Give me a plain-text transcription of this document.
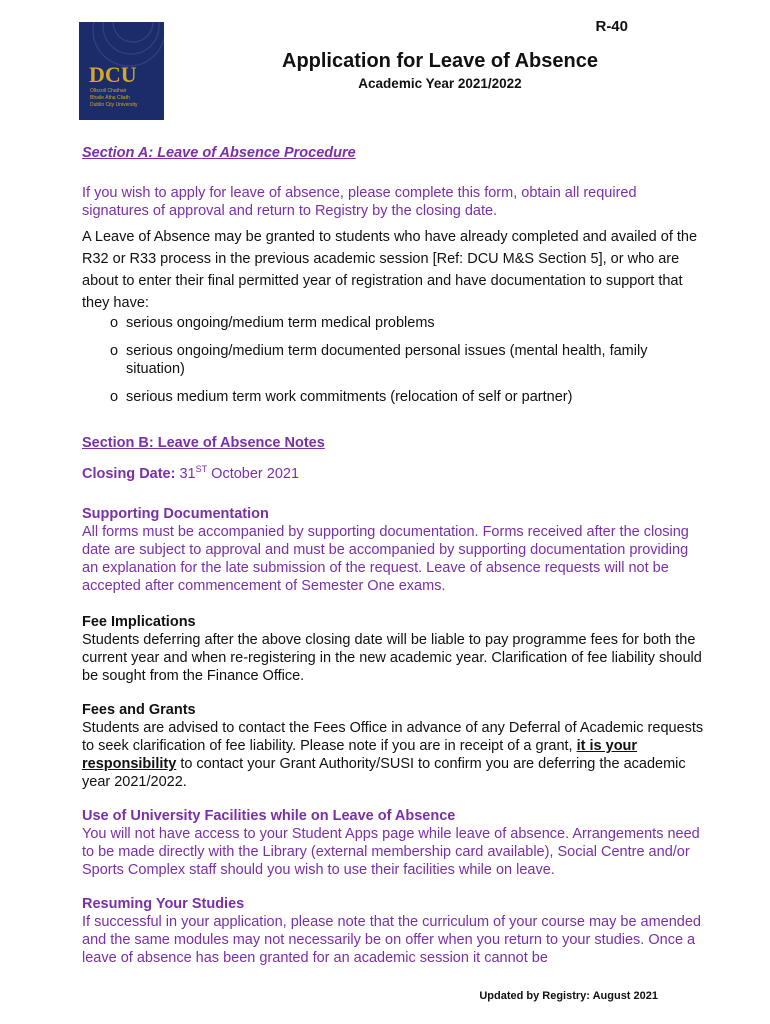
R-40
DCU
Ollscoil Chathair
Bhaile Átha Cliath
Dublin City University
Application for Leave of Absence
Academic Year 2021/2022

Section A: Leave of Absence Procedure

If you wish to apply for leave of absence, please complete this form, obtain all required signatures of approval and return to Registry by the closing date.

A Leave of Absence may be granted to students who have already completed and availed of the R32 or R33 process in the previous academic session [Ref: DCU M&S Section 5], or who are about to enter their final permitted year of registration and have documentation to support that they have:

o serious ongoing/medium term medical problems
o serious ongoing/medium term documented personal issues (mental health, family situation)
o serious medium term work commitments (relocation of self or partner)

Section B: Leave of Absence Notes

Closing Date: 31ST October 2021

Supporting Documentation

All forms must be accompanied by supporting documentation. Forms received after the closing date are subject to approval and must be accompanied by supporting documentation providing an explanation for the late submission of the request. Leave of absence requests will not be accepted after commencement of Semester One exams.

Fee Implications

Students deferring after the above closing date will be liable to pay programme fees for both the current year and when re-registering in the new academic year. Clarification of fee liability should be sought from the Finance Office.

Fees and Grants

Students are advised to contact the Fees Office in advance of any Deferral of Academic requests to seek clarification of fee liability. Please note if you are in receipt of a grant, it is your responsibility to contact your Grant Authority/SUSI to confirm you are deferring the academic year 2021/2022.

Use of University Facilities while on Leave of Absence

You will not have access to your Student Apps page while leave of absence. Arrangements need to be made directly with the Library (external membership card available), Social Centre and/or Sports Complex staff should you wish to use their facilities while on leave.

Resuming Your Studies

If successful in your application, please note that the curriculum of your course may be amended and the same modules may not necessarily be on offer when you return to your studies. Once a leave of absence has been granted for an academic session it cannot be

Updated by Registry: August 2021
